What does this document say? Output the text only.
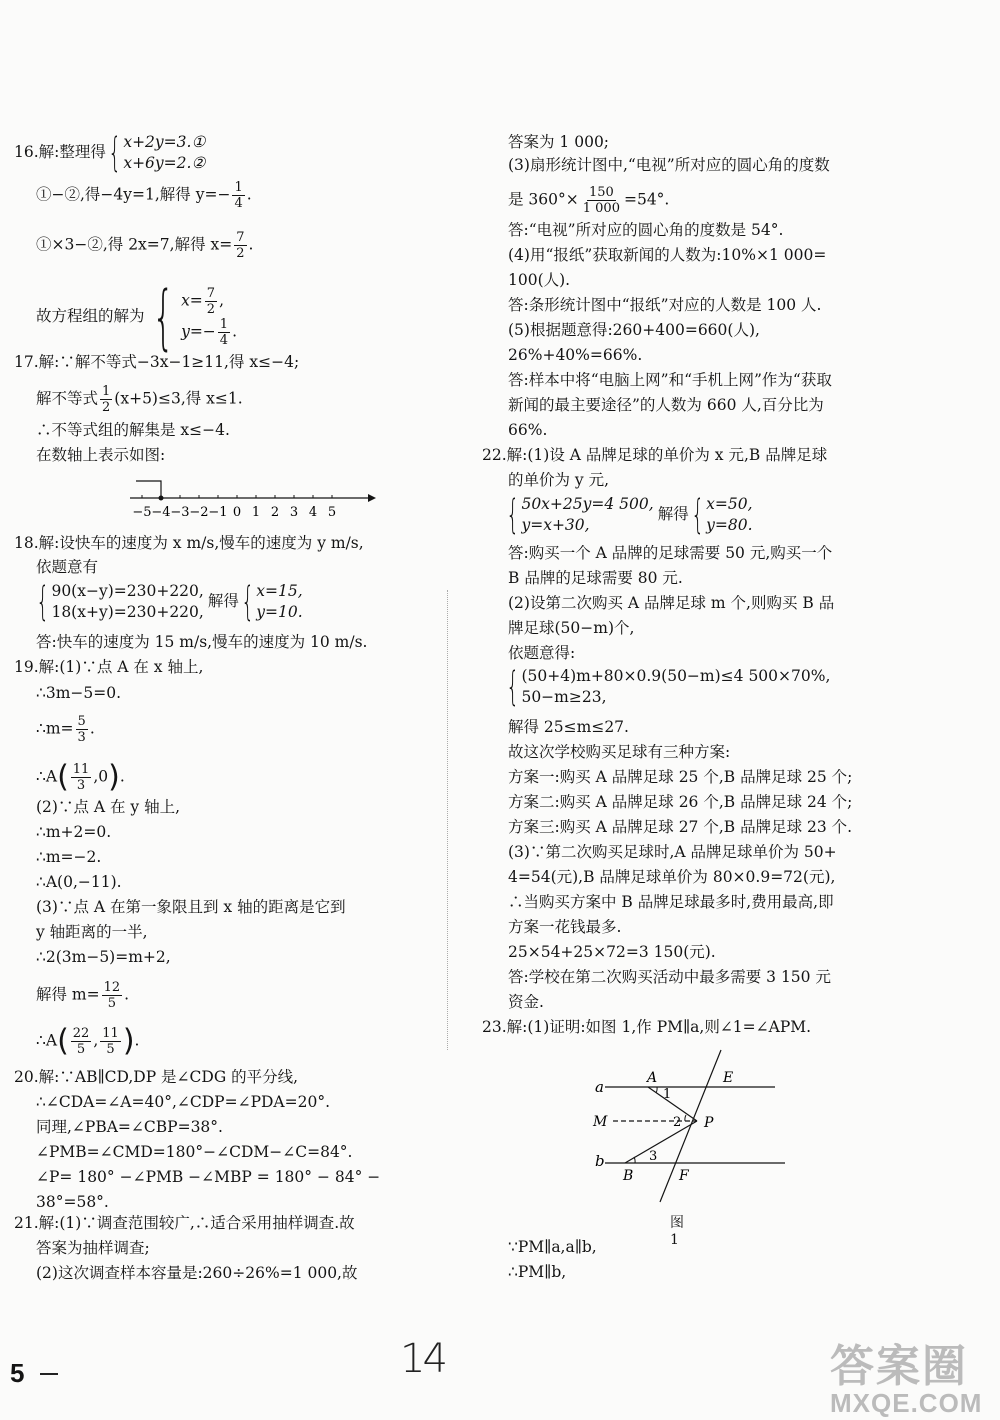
16.解:整理得{ x+2y=3.①
x+6y=2.②
①−②,得−4y=1,解得 $y=- \frac{1}{4}$ .
①×3−②,得 2x=7,解得 $x= \frac{7}{2}$ .
故方程组的解为 { $x= \frac{7}{2}$ ,
$y=- \frac{1}{4}$ .
17.解:∵解不等式−3x−1≥11,得 x≤−4;
解不等式 $\frac{1}{2} (x+5)\le 3$,得 x≤1.
∴不等式组的解集是 x≤−4.
在数轴上表示如图:
−5 −4 −3 −2 −1 0 1 2 3 4 5
18.解:设快车的速度为 x m/s,慢车的速度为 y m/s,
依题意有
{ 90(x−y)=230+220,
18(x+y)=230+220,
解得{ x=15,
y=10.
答:快车的速度为 15 m/s,慢车的速度为 10 m/s.
19.解:(1)∵点 A 在 x 轴上,
∴3m−5=0.
∴m= $\frac{5}{3}$ .
∴A( $\frac{11}{3} ,0$).
(2)∵点 A 在 y 轴上,
∴m+2=0.
∴m=−2.
∴A(0,−11).
(3)∵点 A 在第一象限且到 x 轴的距离是它到
y 轴距离的一半,
∴2(3m−5)=m+2,
解得 $m= \frac{12}{5}$ .
∴A( $\frac{22}{5}$ , $\frac{11}{5}$ ).
20.解:∵AB∥CD,DP 是∠CDG 的平分线,
∴∠CDA=∠A=40°,∠CDP=∠PDA=20°.
同理,∠PBA=∠CBP=38°.
∠PMB=∠CMD=180°−∠CDM−∠C=84°.
∠P= 180° −∠PMB −∠MBP = 180° − 84° −
38°=58°.
21.解:(1)∵调查范围较广,∴适合采用抽样调查.故
答案为抽样调查;
(2)这次调查样本容量是:260÷26%=1 000,故
答案为 1 000;
(3)扇形统计图中,“电视”所对应的圆心角的度数
是 $360^\circ\times \frac{150}{1 000} =54^\circ$.
答:“电视”所对应的圆心角的度数是 54°.
(4)用“报纸”获取新闻的人数为:10%×1 000=
100(人).
答:条形统计图中“报纸”对应的人数是 100 人.
(5)根据题意得:260+400=660(人),
26%+40%=66%.
答:样本中将“电脑上网”和“手机上网”作为“获取
新闻的最主要途径”的人数为 660 人,百分比为
66%.
22.解:(1)设 A 品牌足球的单价为 x 元,B 品牌足球
的单价为 y 元,
{ 50x+25y=4 500,
y=x+30,
解得{ x=50,
y=80.
答:购买一个 A 品牌的足球需要 50 元,购买一个
B 品牌的足球需要 80 元.
(2)设第二次购买 A 品牌足球 m 个,则购买 B 品
牌足球(50−m)个,
依题意得:
{ (50+4)m+80×0.9(50−m)≤4 500×70%,
50−m≥23,
解得 25≤m≤27.
故这次学校购买足球有三种方案:
方案一:购买 A 品牌足球 25 个,B 品牌足球 25 个;
方案二:购买 A 品牌足球 26 个,B 品牌足球 24 个;
方案三:购买 A 品牌足球 27 个,B 品牌足球 23 个.
(3)∵第二次购买足球时,A 品牌足球单价为 50+
4=54(元),B 品牌足球单价为 80×0.9=72(元),
∴当购买方案中 B 品牌足球最多时,费用最高,即
方案一花钱最多.
25×54+25×72=3 150(元).
答:学校在第二次购买活动中最多需要 3 150 元
资金.
23.解:(1)证明:如图 1,作 PM∥a,则∠1=∠APM.
a	A
1
E
M	2 P
b	3
B	F
图1
∵PM∥a,a∥b,
∴PM∥b,
5	14	答案圈
MXQE.COM
